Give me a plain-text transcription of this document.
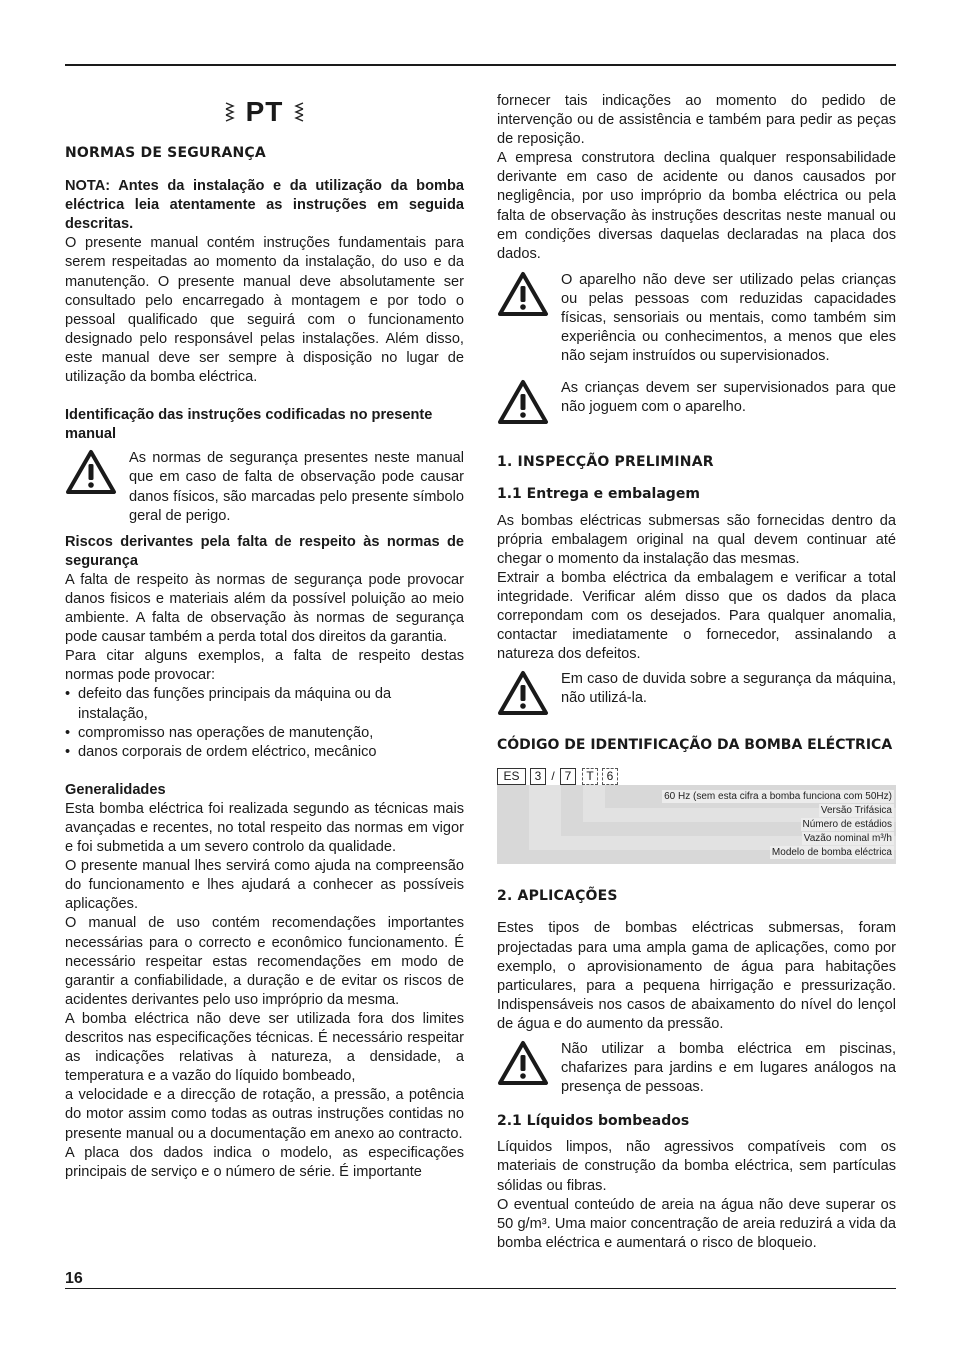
PT

NORMAS DE SEGURANÇA

NOTA: Antes da instalação e da utilização da bomba eléctrica leia atentamente as instruções em seguida descritas.

O presente manual contém instruções fundamentais para serem respeitadas ao momento da instalação, do uso e da manutenção. O presente manual deve absolutamente ser consultado pelo encarregado à montagem e por todo o pessoal qualificado que seguirá com o funcionamento designado pelo responsável pelas instalações. Além disso, este manual deve ser sempre à disposição no lugar de utilização da bomba eléctrica.

Identificação das instruções codificadas no presente manual

As normas de segurança presentes neste manual que em caso de falta de observação pode causar danos físicos, são marcadas pelo presente símbolo geral de perigo.

Riscos derivantes pela falta de respeito às normas de segurança

A falta de respeito às normas de segurança pode provocar danos fisicos e materiais além da possível poluição ao meio ambiente. A falta de observação às normas de segurança pode causar também a perda total dos direitos da garantia.

Para citar alguns exemplos, a falta de respeito destas normas pode provocar:

• defeito das funções principais da máquina ou da instalação,
• compromisso nas operações de manutenção,
• danos corporais de ordem eléctrico, mecânico

Generalidades

Esta bomba eléctrica foi realizada segundo as técnicas mais avançadas e recentes, no total respeito das normas em vigor e foi submetida a um severo controlo da qualidade.

O presente manual lhes servirá como ajuda na compreensão do funcionamento e lhes ajudará a conhecer as possíveis aplicações.

O manual de uso contém recomendações importantes necessárias para o correcto e econômico funcionamento. É necessário respeitar estas recomendações em modo de garantir a confiabilidade, a duração e de evitar os riscos de acidentes derivantes pelo uso impróprio da mesma.

A bomba eléctrica não deve ser utilizada fora dos limites descritos nas especificações técnicas. É necessário respeitar as indicações relativas à natureza, a densidade, a temperatura e a vazão do líquido bombeado,

a velocidade e a direcção de rotação, a pressão, a potência do motor assim como todas as outras instruções contidas no presente manual ou a documentação em anexo ao contracto.

A placa dos dados indica o modelo, as especificações principais de serviço e o número de série. É importante

fornecer tais indicações ao momento do pedido de intervenção ou de assistência e também para pedir as peças de reposição.

A empresa construtora declina qualquer responsabilidade derivante em caso de acidente ou danos causados por negligência, por uso impróprio da bomba eléctrica ou pela falta de observação às instruções descritas neste manual ou em condições diversas daquelas declaradas na placa dos dados.

O aparelho não deve ser utilizado pelas crianças ou pelas pessoas com reduzidas capacidades físicas, sensoriais ou mentais, como também sim experiência ou conhecimentos, a menos que eles não sejam instruídos ou supervisionados.

As crianças devem ser supervisionados para que não joguem com o aparelho.

1. INSPECÇÃO PRELIMINAR

1.1 Entrega e embalagem

As bombas eléctricas submersas são fornecidas dentro da própria embalagem original na qual devem continuar até chegar o momento da instalação das mesmas.

Extrair a bomba eléctrica da embalagem e verificar a total integridade. Verificar além disso que os dados da placa correpondam com os desejados. Para qualquer anomalia, contactar imediatamente o fornecedor, assinalando a natureza dos defeitos.

Em caso de duvida sobre a segurança da máquina, não utilizá-la.

CÓDIGO DE IDENTIFICAÇÃO DA BOMBA ELÉCTRICA

ES	3 / 7	T	6
60 Hz (sem esta cifra a bomba funciona com 50Hz)
Versão Trifásica
Número de estádios
Vazão nominal m³/h
Modelo de bomba eléctrica

2. APLICAÇÕES

Estes tipos de bombas eléctricas submersas, foram projectadas para uma ampla gama de aplicações, como por exemplo, o aprovisionamento de água para habitações particulares, para a pequena hirrigação e pressurização. Indispensáveis nos casos de abaixamento do nível do lençol de água e do aumento da pressão.

Não utilizar a bomba eléctrica em piscinas, chafarizes para jardins e em lugares análogos na presença de pessoas.

2.1 Líquidos bombeados

Líquidos limpos, não agressivos compatíveis com os materiais de construção da bomba eléctrica, sem partículas sólidas ou fibras.

O eventual conteúdo de areia na água não deve superar os 50 g/m³. Uma maior concentração de areia reduzirá a vida da bomba eléctrica e aumentará o risco de bloqueio.

16
